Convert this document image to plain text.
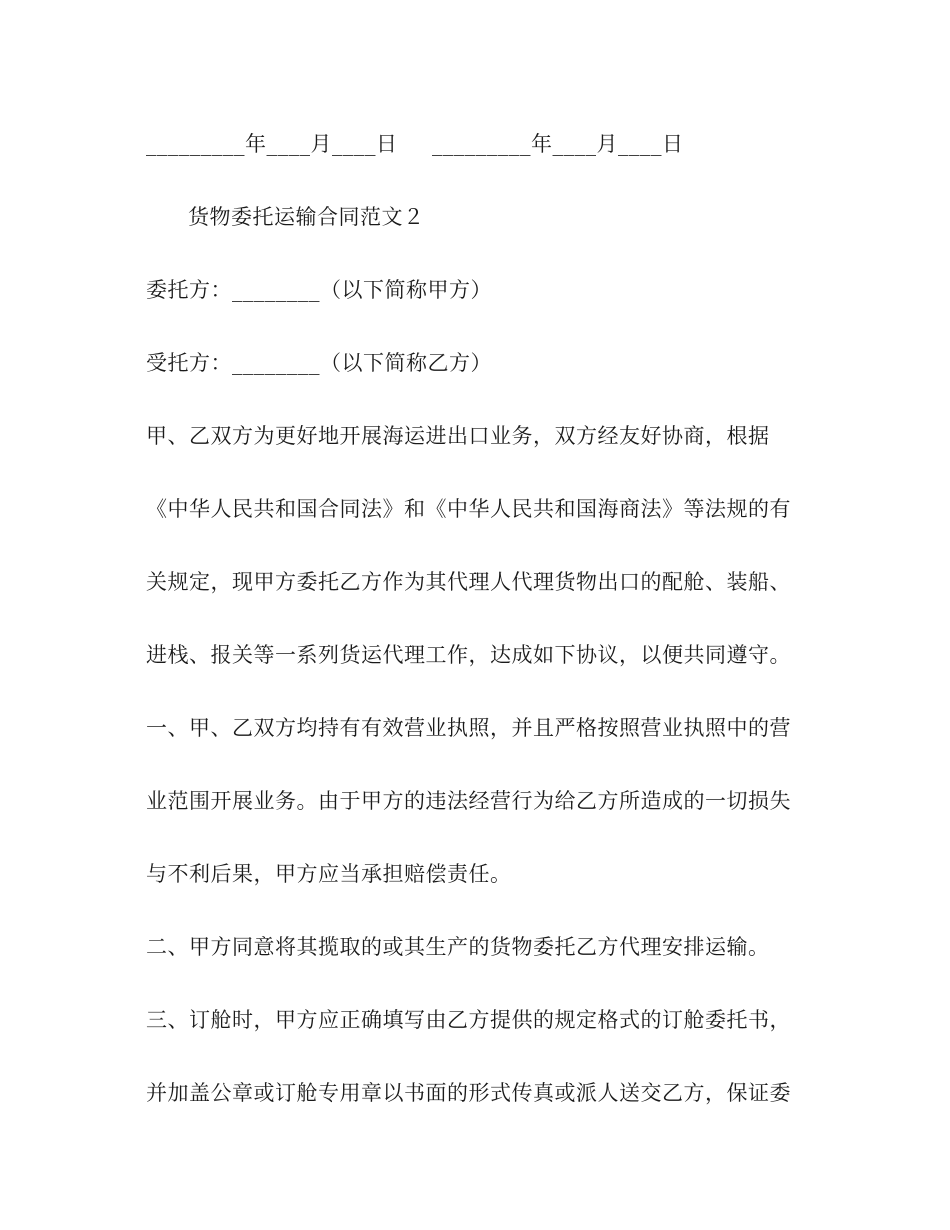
_________年____月____日	_________年____月____日
货物委托运输合同范文２
委托方：________（以下简称甲方）
受托方：________（以下简称乙方）
甲、乙双方为更好地开展海运进出口业务，双方经友好协商，根据
《中华人民共和国合同法》和《中华人民共和国海商法》等法规的有
关规定，现甲方委托乙方作为其代理人代理货物出口的配舱、装船、
进栈、报关等一系列货运代理工作，达成如下协议，以便共同遵守。
一、甲、乙双方均持有有效营业执照，并且严格按照营业执照中的营
业范围开展业务。由于甲方的违法经营行为给乙方所造成的一切损失
与不利后果，甲方应当承担赔偿责任。
二、甲方同意将其揽取的或其生产的货物委托乙方代理安排运输。
三、订舱时，甲方应正确填写由乙方提供的规定格式的订舱委托书，
并加盖公章或订舱专用章以书面的形式传真或派人送交乙方，保证委
